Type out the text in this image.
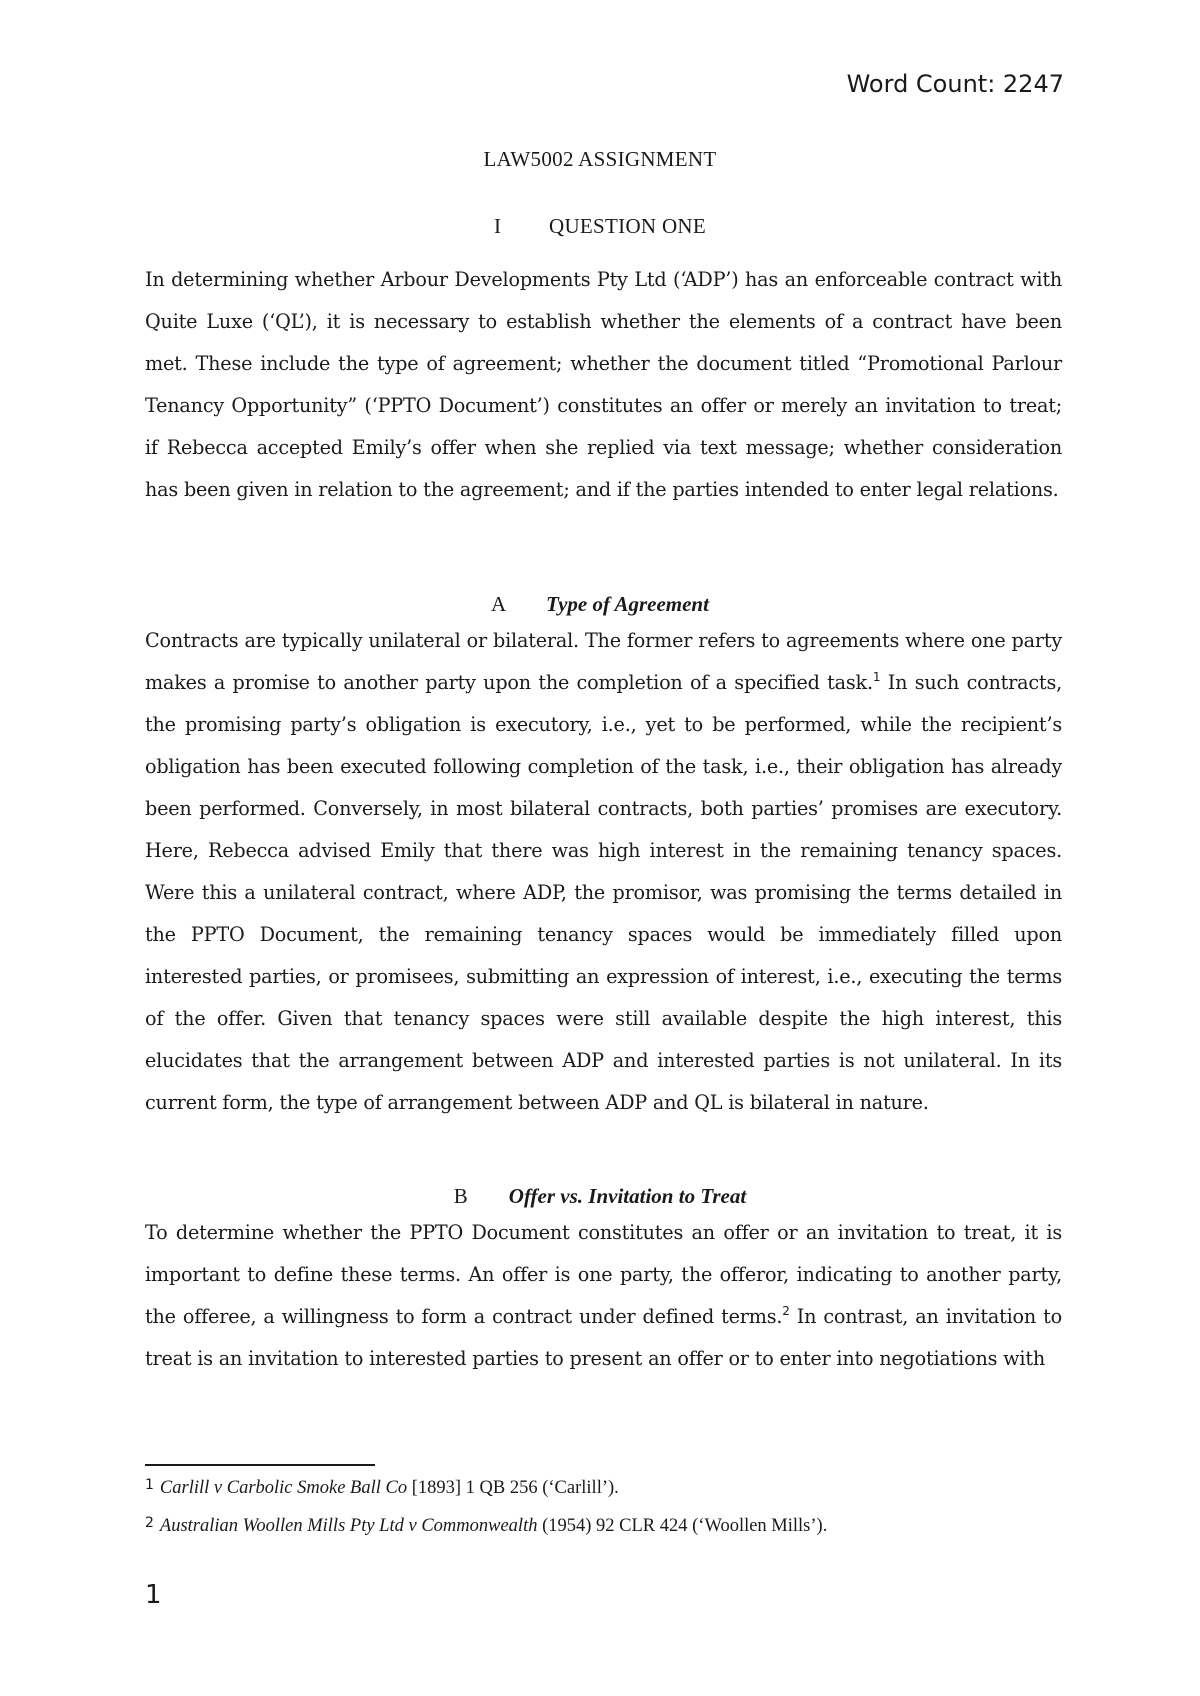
Word Count: 2247
LAW5002 ASSIGNMENT
I QUESTION ONE

In determining whether Arbour Developments Pty Ltd (‘ADP’) has an enforceable contract with Quite Luxe (‘QL’), it is necessary to establish whether the elements of a contract have been met. These include the type of agreement; whether the document titled “Promotional Parlour Tenancy Opportunity” (‘PPTO Document’) constitutes an offer or merely an invitation to treat; if Rebecca accepted Emily’s offer when she replied via text message; whether consideration has been given in relation to the agreement; and if the parties intended to enter legal relations.

A Type of Agreement

Contracts are typically unilateral or bilateral. The former refers to agreements where one party makes a promise to another party upon the completion of a specified task.$^1$ In such contracts, the promising party’s obligation is executory, i.e., yet to be performed, while the recipient’s obligation has been executed following completion of the task, i.e., their obligation has already been performed. Conversely, in most bilateral contracts, both parties’ promises are executory. Here, Rebecca advised Emily that there was high interest in the remaining tenancy spaces. Were this a unilateral contract, where ADP, the promisor, was promising the terms detailed in the PPTO Document, the remaining tenancy spaces would be immediately filled upon interested parties, or promisees, submitting an expression of interest, i.e., executing the terms of the offer. Given that tenancy spaces were still available despite the high interest, this elucidates that the arrangement between ADP and interested parties is not unilateral. In its current form, the type of arrangement between ADP and QL is bilateral in nature.

B Offer vs. Invitation to Treat

To determine whether the PPTO Document constitutes an offer or an invitation to treat, it is important to define these terms. An offer is one party, the offeror, indicating to another party, the offeree, a willingness to form a contract under defined terms.$^2$ In contrast, an invitation to treat is an invitation to interested parties to present an offer or to enter into negotiations with

$^1$ Carlill v Carbolic Smoke Ball Co [1893] 1 QB 256 (‘Carlill’).
$^2$ Australian Woollen Mills Pty Ltd v Commonwealth (1954) 92 CLR 424 (‘Woollen Mills’).
1
